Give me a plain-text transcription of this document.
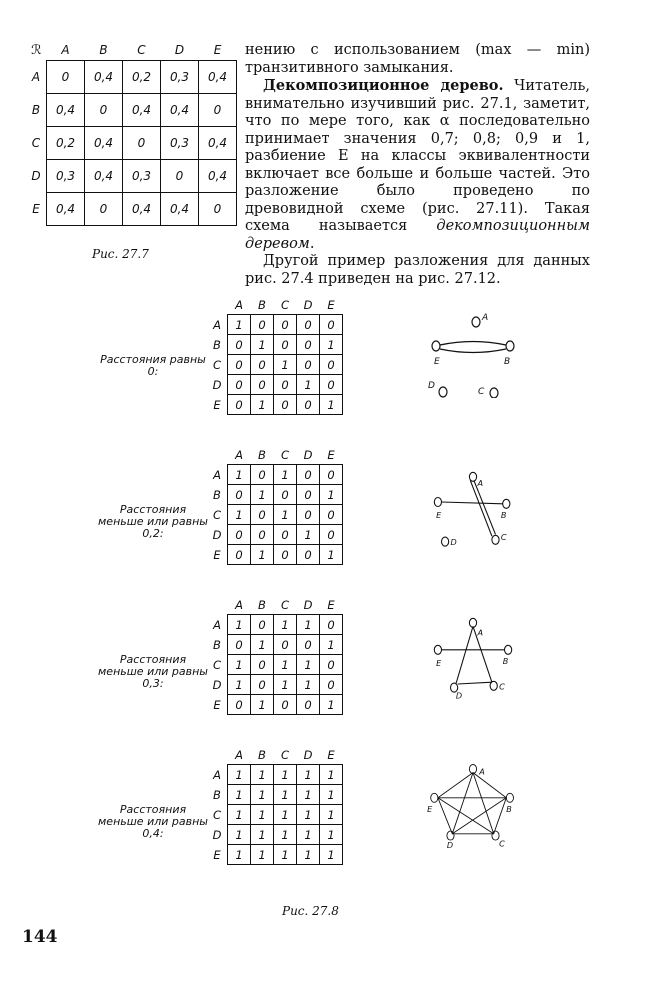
ℛ	A	B	C	D	E
A	0	0,4	0,2	0,3	0,4
B	0,4	0	0,4	0,4	0
C	0,2	0,4	0	0,3	0,4
D	0,3	0,4	0,3	0	0,4
E	0,4	0	0,4	0,4	0
Рис. 27.7

нению с использованием (max — min) транзитивного замыкания.

Декомпозиционное дерево. Читатель, внимательно изучивший рис. 27.1, заметит, что по мере того, как α последовательно принимает значения 0,7; 0,8; 0,9 и 1, разбиение E на классы эквивалентности включает все больше и больше частей. Это разложение было проведено по древовидной схеме (рис. 27.11). Такая схема называется декомпозиционным деревом.

Другой пример разложения для данных рис. 27.4 приведен на рис. 27.12.

	A	B	C	D	E
A	1	0	0	0	0
B	0	1	0	0	1
C	0	0	1	0	0
D	0	0	0	1	0
E	0	1	0	0	1
Расстояния равны 0:
	A	B	C	D	E
A	1	0	1	0	0
B	0	1	0	0	1
C	1	0	1	0	0
D	0	0	0	1	0
E	0	1	0	0	1
Расстояния меньше или равны 0,2:
	A	B	C	D	E
A	1	0	1	1	0
B	0	1	0	0	1
C	1	0	1	1	0
D	1	0	1	1	0
E	0	1	0	0	1
Расстояния меньше или равны 0,3:
	A	B	C	D	E
A	1	1	1	1	1
B	1	1	1	1	1
C	1	1	1	1	1
D	1	1	1	1	1
E	1	1	1	1	1
Расстояния меньше или равны 0,4:
A
E	B
D
C
A
E	B
C
D
A
E	B
D
C
A
E	B
D	C
Рис. 27.8
144
